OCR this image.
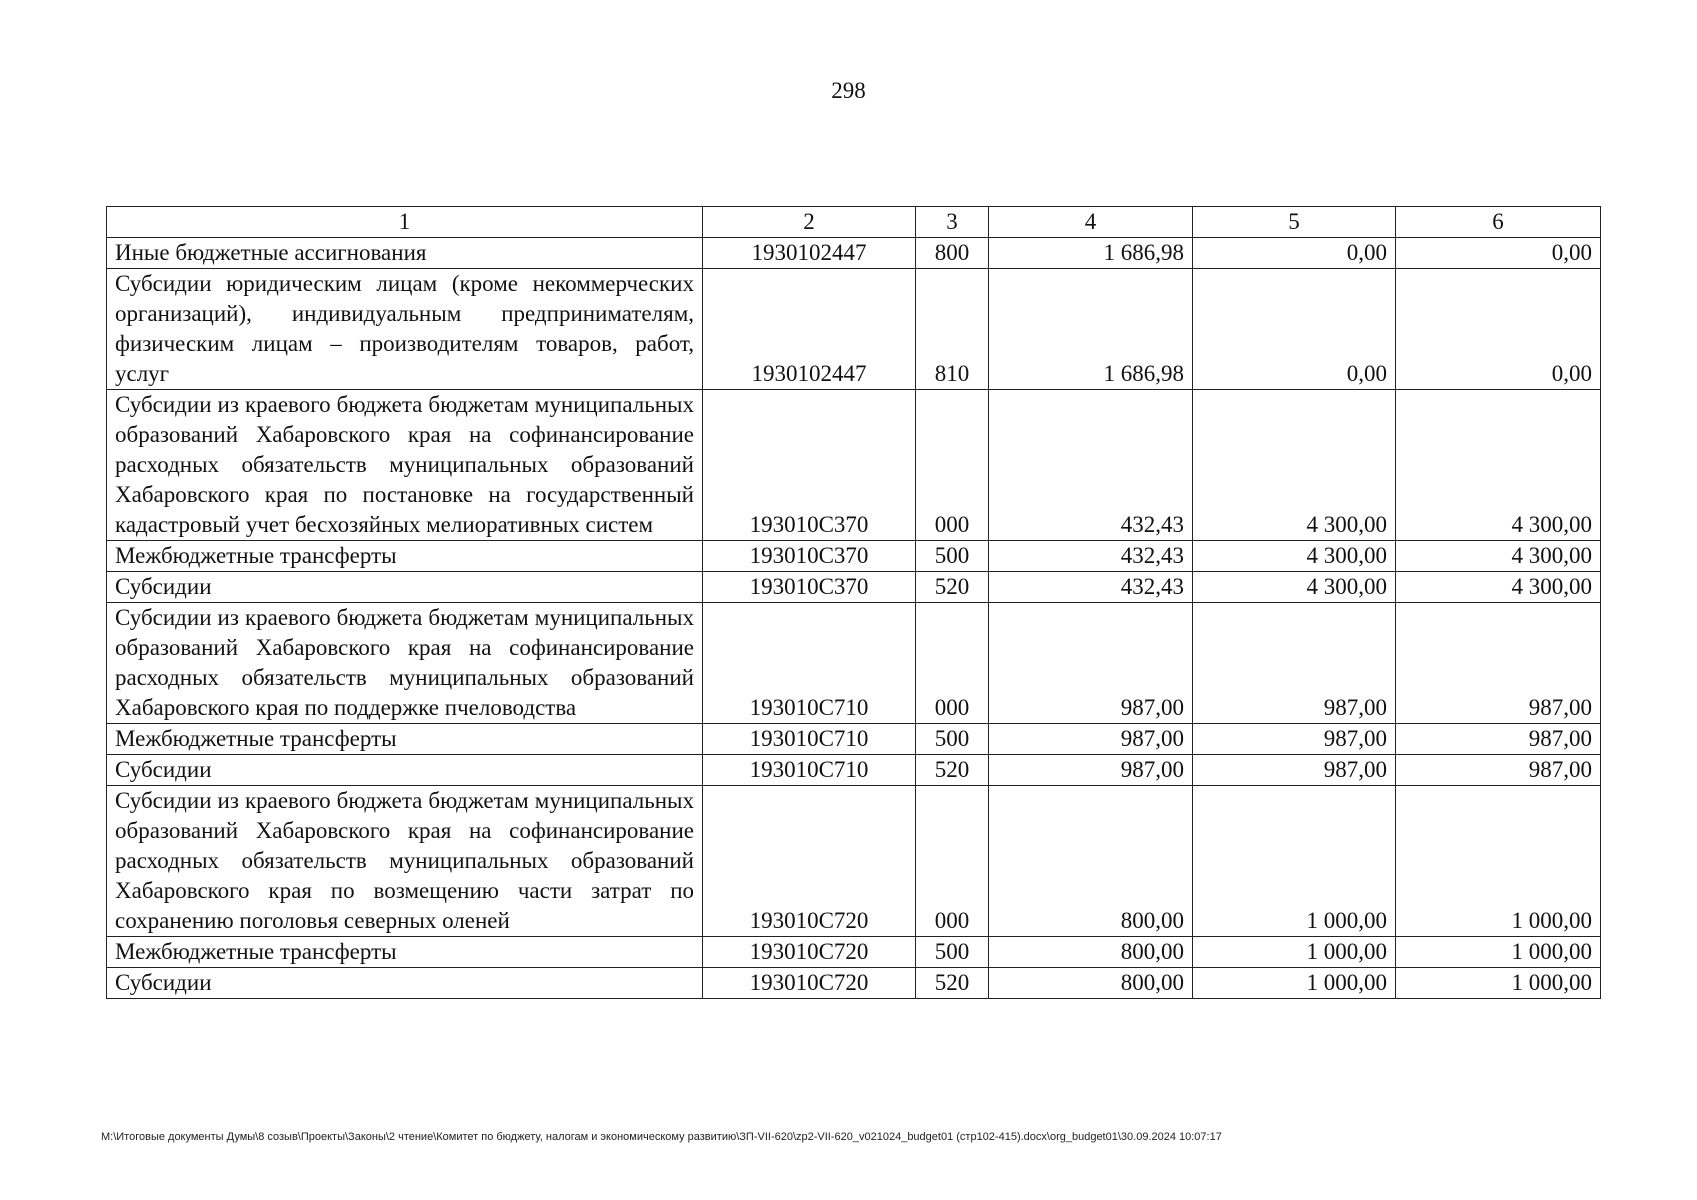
298
1	2	3	4	5	6
Иные бюджетные ассигнования	1930102447	800	1 686,98	0,00	0,00
Субсидии юридическим лицам (кроме некоммерческих организаций), индивидуальным предпринимателям, физическим лицам – производителям товаров, работ, услуг	1930102447	810	1 686,98	0,00	0,00
Субсидии из краевого бюджета бюджетам муниципальных образований Хабаровского края на софинансирование расходных обязательств муниципальных образований Хабаровского края по постановке на государственный кадастровый учет бесхозяйных мелиоративных систем	193010C370	000	432,43	4 300,00	4 300,00
Межбюджетные трансферты	193010C370	500	432,43	4 300,00	4 300,00
Субсидии	193010C370	520	432,43	4 300,00	4 300,00
Субсидии из краевого бюджета бюджетам муниципальных образований Хабаровского края на софинансирование расходных обязательств муниципальных образований Хабаровского края по поддержке пчеловодства	193010C710	000	987,00	987,00	987,00
Межбюджетные трансферты	193010C710	500	987,00	987,00	987,00
Субсидии	193010C710	520	987,00	987,00	987,00
Субсидии из краевого бюджета бюджетам муниципальных образований Хабаровского края на софинансирование расходных обязательств муниципальных образований Хабаровского края по возмещению части затрат по сохранению поголовья северных оленей	193010C720	000	800,00	1 000,00	1 000,00
Межбюджетные трансферты	193010C720	500	800,00	1 000,00	1 000,00
Субсидии	193010C720	520	800,00	1 000,00	1 000,00
M:\Итоговые документы Думы\8 созыв\Проекты\Законы\2 чтение\Комитет по бюджету, налогам и экономическому развитию\ЗП-VII-620\zp2-VII-620_v021024_budget01 (стр102-415).docx\org_budget01\30.09.2024 10:07:17
